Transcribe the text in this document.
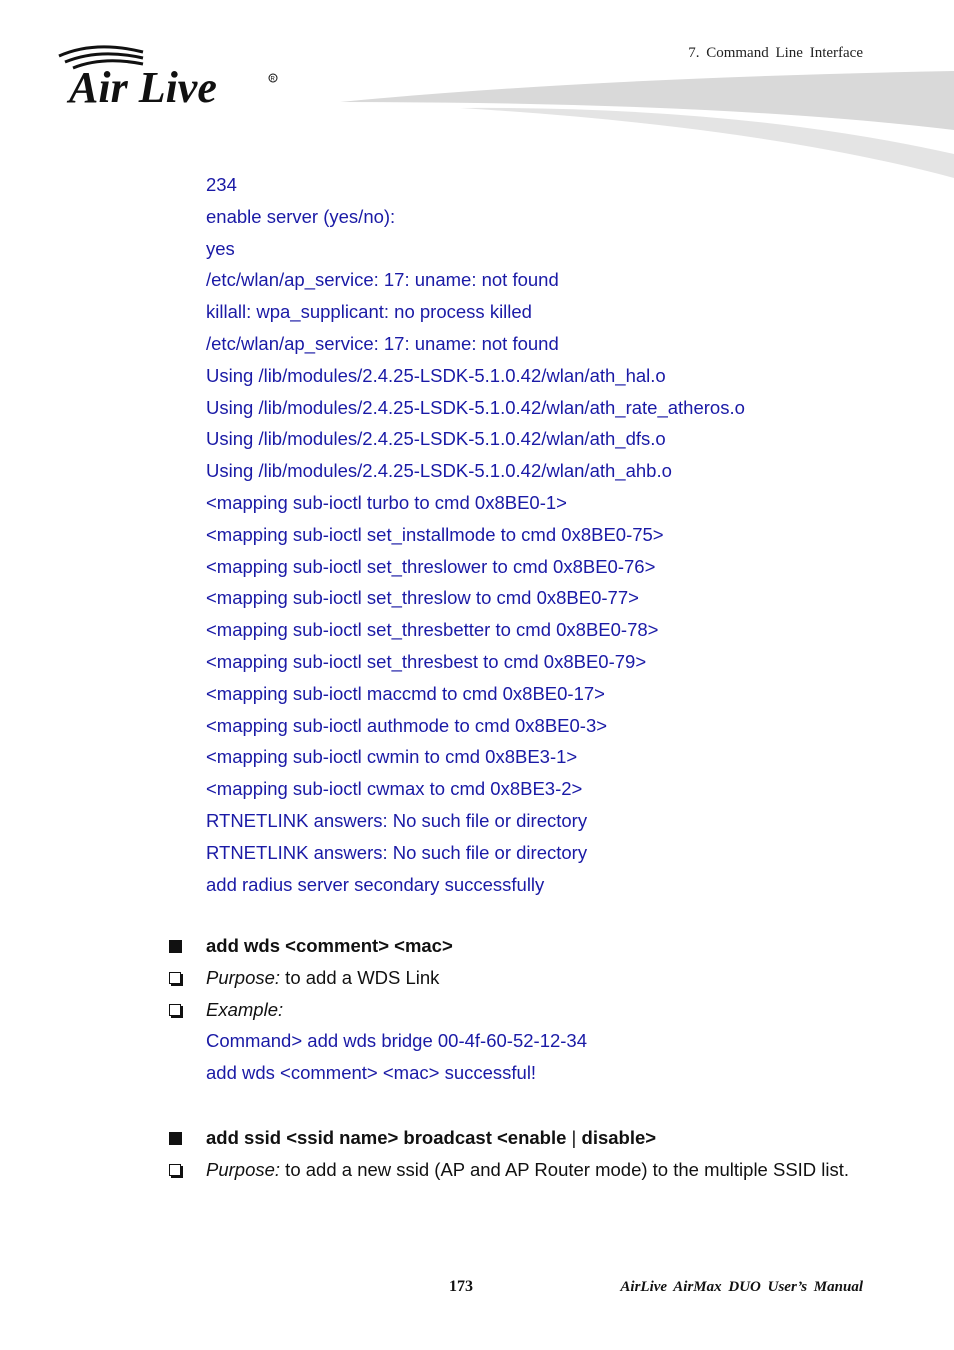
Air Live	R
7. Command Line Interface
234
enable server (yes/no):
yes
/etc/wlan/ap_service: 17: uname: not found
killall: wpa_supplicant: no process killed
/etc/wlan/ap_service: 17: uname: not found
Using /lib/modules/2.4.25-LSDK-5.1.0.42/wlan/ath_hal.o
Using /lib/modules/2.4.25-LSDK-5.1.0.42/wlan/ath_rate_atheros.o
Using /lib/modules/2.4.25-LSDK-5.1.0.42/wlan/ath_dfs.o
Using /lib/modules/2.4.25-LSDK-5.1.0.42/wlan/ath_ahb.o
<mapping sub-ioctl turbo to cmd 0x8BE0-1>
<mapping sub-ioctl set_installmode to cmd 0x8BE0-75>
<mapping sub-ioctl set_threslower to cmd 0x8BE0-76>
<mapping sub-ioctl set_threslow to cmd 0x8BE0-77>
<mapping sub-ioctl set_thresbetter to cmd 0x8BE0-78>
<mapping sub-ioctl set_thresbest to cmd 0x8BE0-79>
<mapping sub-ioctl maccmd to cmd 0x8BE0-17>
<mapping sub-ioctl authmode to cmd 0x8BE0-3>
<mapping sub-ioctl cwmin to cmd 0x8BE3-1>
<mapping sub-ioctl cwmax to cmd 0x8BE3-2>
RTNETLINK answers: No such file or directory
RTNETLINK answers: No such file or directory
add radius server secondary successfully
add wds <comment> <mac>
Purpose: to add a WDS Link
Example:
Command> add wds bridge 00-4f-60-52-12-34
add wds <comment> <mac> successful!
add ssid <ssid name> broadcast <enable | disable>
Purpose: to add a new ssid (AP and AP Router mode) to the multiple SSID list.
173	AirLive AirMax DUO User’s Manual
